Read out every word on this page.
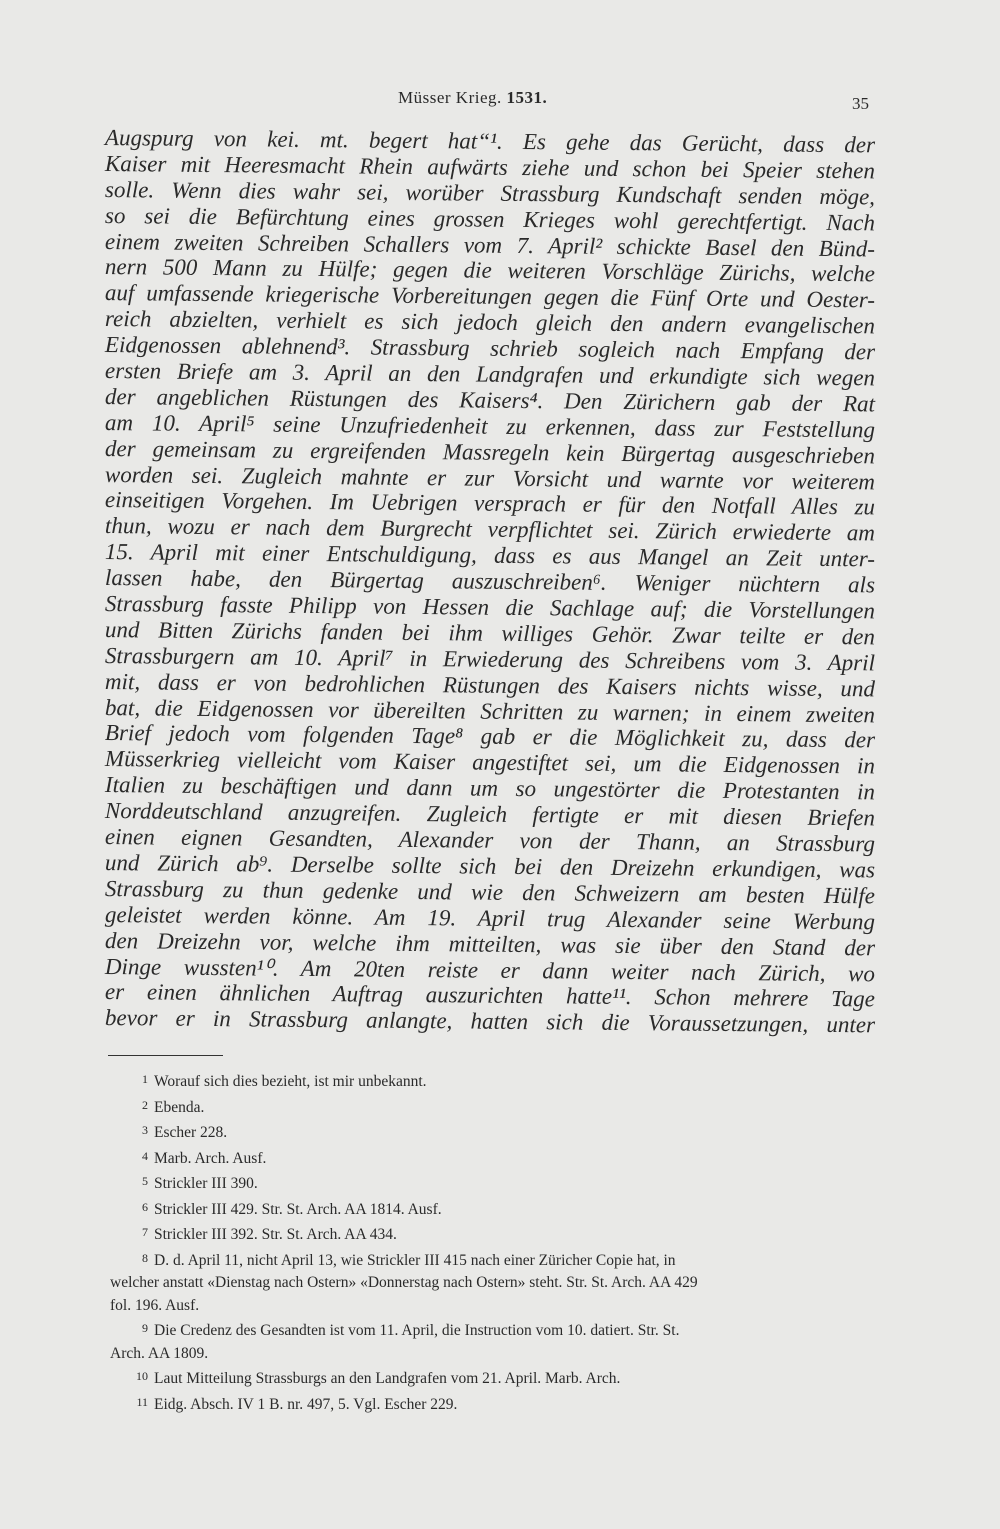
Müsser Krieg. 1531.	35
Augspurg von kei. mt. begert hat“¹. Es gehe das Gerücht, dass der
Kaiser mit Heeresmacht Rhein aufwärts ziehe und schon bei Speier stehen
solle. Wenn dies wahr sei, worüber Strassburg Kundschaft senden möge,
so sei die Befürchtung eines grossen Krieges wohl gerechtfertigt. Nach
einem zweiten Schreiben Schallers vom 7. April² schickte Basel den Bünd-
nern 500 Mann zu Hülfe; gegen die weiteren Vorschläge Zürichs, welche
auf umfassende kriegerische Vorbereitungen gegen die Fünf Orte und Oester-
reich abzielten, verhielt es sich jedoch gleich den andern evangelischen
Eidgenossen ablehnend³. Strassburg schrieb sogleich nach Empfang der
ersten Briefe am 3. April an den Landgrafen und erkundigte sich wegen
der angeblichen Rüstungen des Kaisers⁴. Den Zürichern gab der Rat
am 10. April⁵ seine Unzufriedenheit zu erkennen, dass zur Feststellung
der gemeinsam zu ergreifenden Massregeln kein Bürgertag ausgeschrieben
worden sei. Zugleich mahnte er zur Vorsicht und warnte vor weiterem
einseitigen Vorgehen. Im Uebrigen versprach er für den Notfall Alles zu
thun, wozu er nach dem Burgrecht verpflichtet sei. Zürich erwiederte am
15. April mit einer Entschuldigung, dass es aus Mangel an Zeit unter-
lassen habe, den Bürgertag auszuschreiben⁶. Weniger nüchtern als
Strassburg fasste Philipp von Hessen die Sachlage auf; die Vorstellungen
und Bitten Zürichs fanden bei ihm williges Gehör. Zwar teilte er den
Strassburgern am 10. April⁷ in Erwiederung des Schreibens vom 3. April
mit, dass er von bedrohlichen Rüstungen des Kaisers nichts wisse, und
bat, die Eidgenossen vor übereilten Schritten zu warnen; in einem zweiten
Brief jedoch vom folgenden Tage⁸ gab er die Möglichkeit zu, dass der
Müsserkrieg vielleicht vom Kaiser angestiftet sei, um die Eidgenossen in
Italien zu beschäftigen und dann um so ungestörter die Protestanten in
Norddeutschland anzugreifen. Zugleich fertigte er mit diesen Briefen
einen eignen Gesandten, Alexander von der Thann, an Strassburg
und Zürich ab⁹. Derselbe sollte sich bei den Dreizehn erkundigen, was
Strassburg zu thun gedenke und wie den Schweizern am besten Hülfe
geleistet werden könne. Am 19. April trug Alexander seine Werbung
den Dreizehn vor, welche ihm mitteilten, was sie über den Stand der
Dinge wussten¹⁰. Am 20ten reiste er dann weiter nach Zürich, wo
er einen ähnlichen Auftrag auszurichten hatte¹¹. Schon mehrere Tage
bevor er in Strassburg anlangte, hatten sich die Voraussetzungen, unter
1 Worauf sich dies bezieht, ist mir unbekannt.
2 Ebenda.
3 Escher 228.
4 Marb. Arch. Ausf.
5 Strickler III 390.
6 Strickler III 429. Str. St. Arch. AA 1814. Ausf.
7 Strickler III 392. Str. St. Arch. AA 434.
8 D. d. April 11, nicht April 13, wie Strickler III 415 nach einer Züricher Copie hat, in
welcher anstatt «Dienstag nach Ostern» «Donnerstag nach Ostern» steht. Str. St. Arch. AA 429
fol. 196. Ausf.
9 Die Credenz des Gesandten ist vom 11. April, die Instruction vom 10. datiert. Str. St.
Arch. AA 1809.
10 Laut Mitteilung Strassburgs an den Landgrafen vom 21. April. Marb. Arch.
11 Eidg. Absch. IV 1 B. nr. 497, 5. Vgl. Escher 229.
